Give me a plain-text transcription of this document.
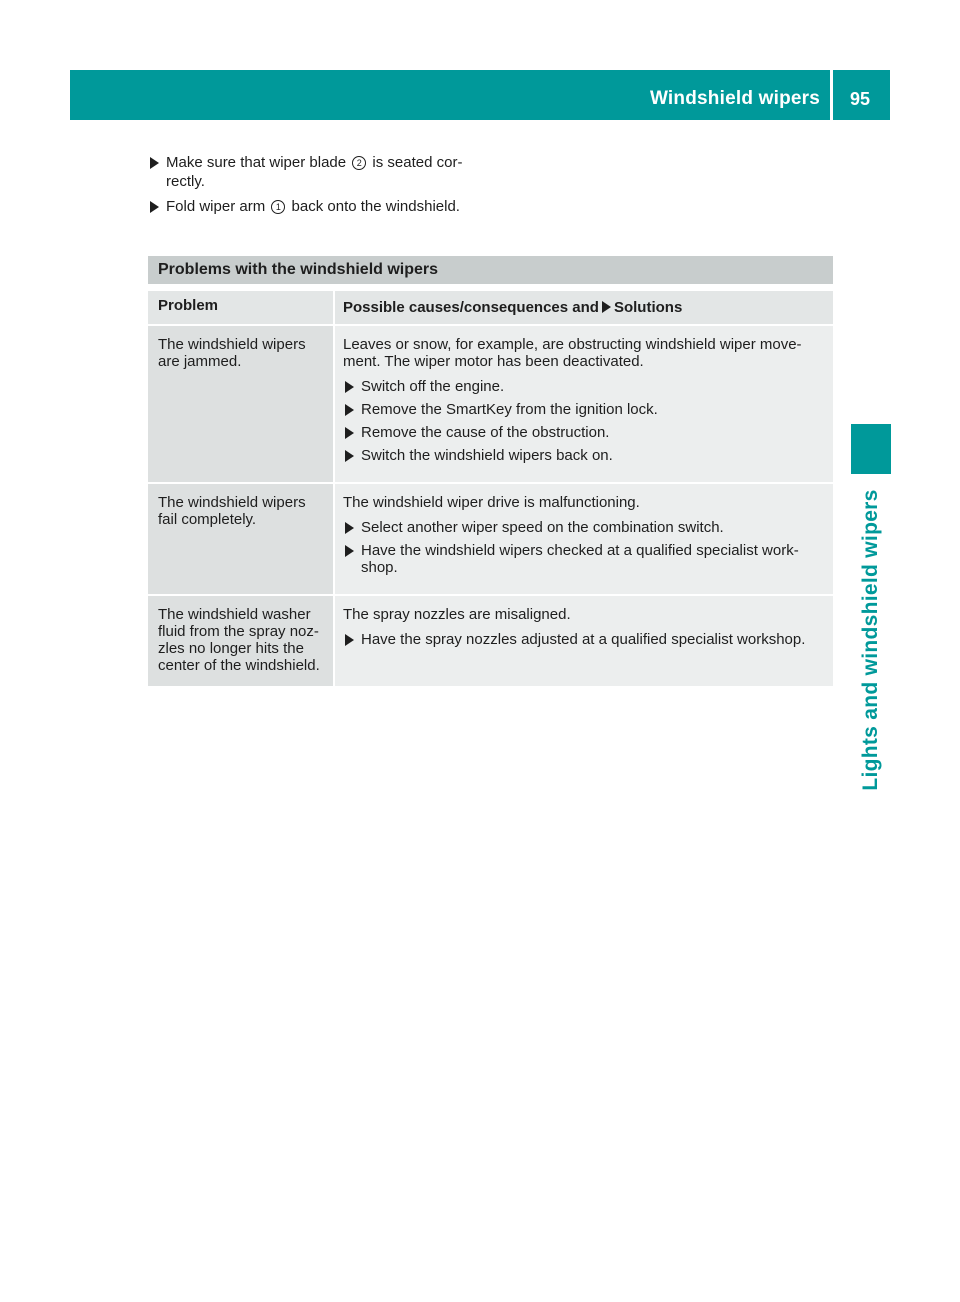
Windshield wipers 95
Lights and windshield wipers
Make sure that wiper blade 2 is seated cor-rectly.
Fold wiper arm 1 back onto the windshield.
Problems with the windshield wipers
Problem	Possible causes/consequences and Solutions
The windshield wipers are jammed.
Leaves or snow, for example, are obstructing windshield wiper move-ment. The wiper motor has been deactivated.
Switch off the engine.
Remove the SmartKey from the ignition lock.
Remove the cause of the obstruction.
Switch the windshield wipers back on.
The windshield wipers fail completely.
The windshield wiper drive is malfunctioning.
Select another wiper speed on the combination switch.
Have the windshield wipers checked at a qualified specialist work-shop.
The windshield washer fluid from the spray noz-zles no longer hits the center of the windshield.
The spray nozzles are misaligned.
Have the spray nozzles adjusted at a qualified specialist workshop.
